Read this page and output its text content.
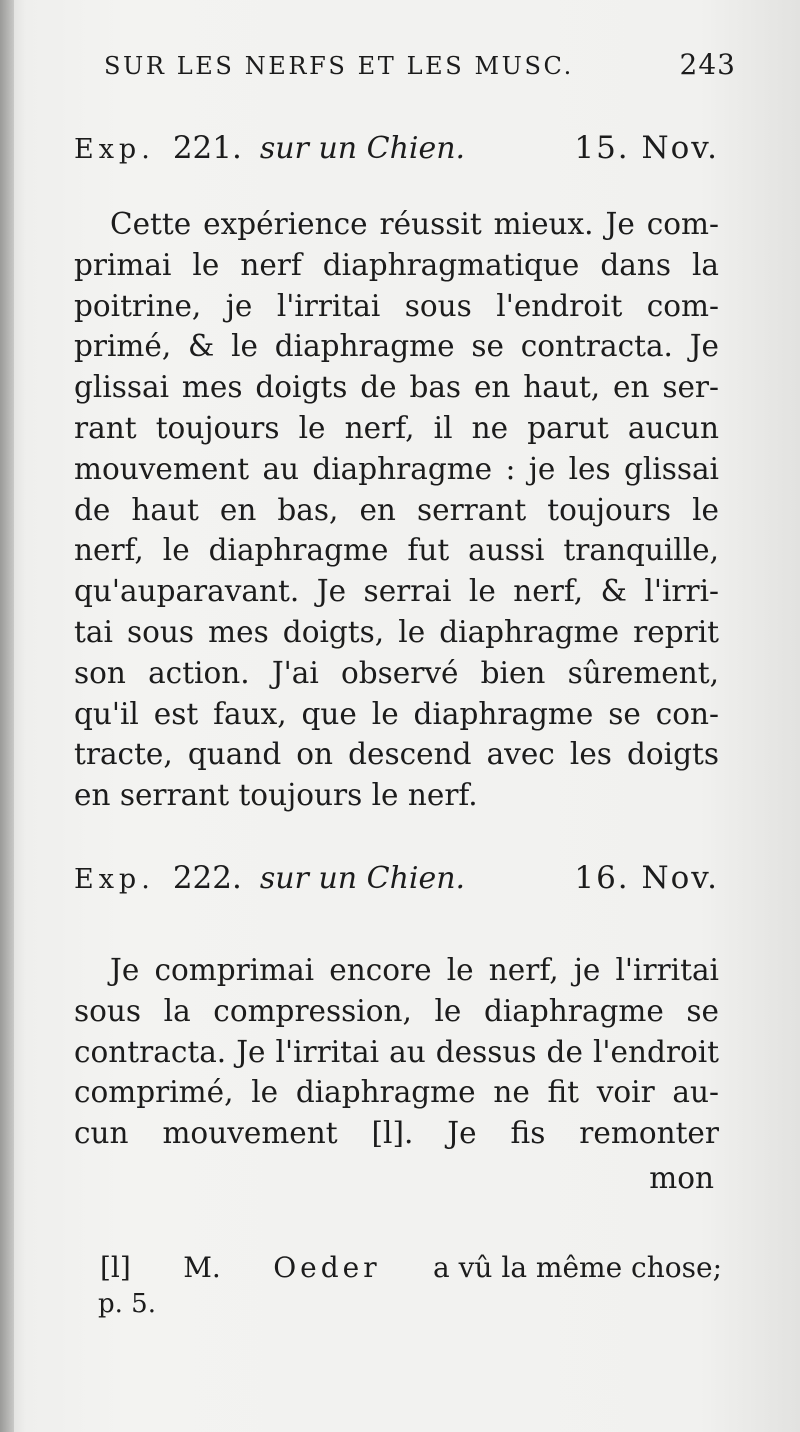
SUR LES NERFS ET LES MUSC.	243
Exp. 221. sur un Chien.	15. Nov.

Cette expérience réussit mieux. Je com-
primai le nerf diaphragmatique dans la
poitrine, je l'irritai sous l'endroit com-
primé, & le diaphragme se contracta. Je
glissai mes doigts de bas en haut, en ser-
rant toujours le nerf, il ne parut aucun
mouvement au diaphragme : je les glissai
de haut en bas, en serrant toujours le
nerf, le diaphragme fut aussi tranquille,
qu'auparavant. Je serrai le nerf, & l'irri-
tai sous mes doigts, le diaphragme reprit
son action. J'ai observé bien sûrement,
qu'il est faux, que le diaphragme se con-
tracte, quand on descend avec les doigts
en serrant toujours le nerf.

Exp. 222. sur un Chien.	16. Nov.

Je comprimai encore le nerf, je l'irritai
sous la compression, le diaphragme se
contracta. Je l'irritai au dessus de l'endroit
comprimé, le diaphragme ne fit voir au-
cun mouvement [l]. Je fis remonter

mon
[l] M. Oeder a vû la même chose;
p. 5.
